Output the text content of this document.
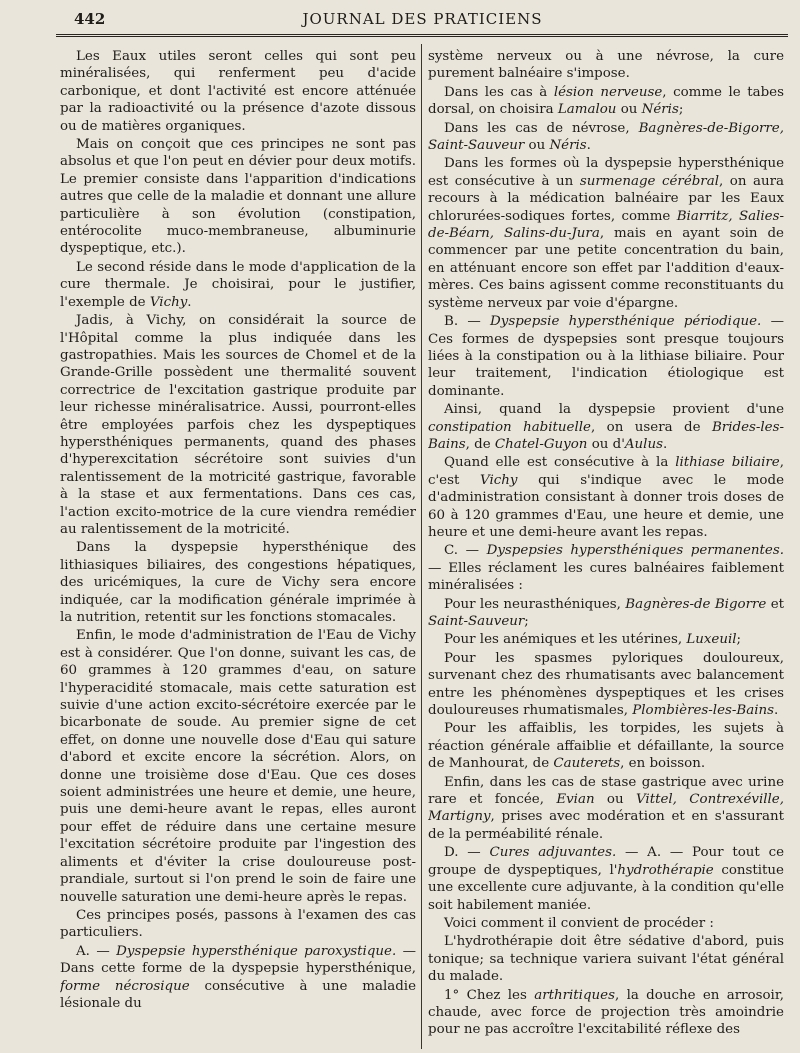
442	JOURNAL DES PRATICIENS

Les Eaux utiles seront celles qui sont peu minéralisées, qui renferment peu d'acide carbonique, et dont l'activité est encore atténuée par la radioactivité ou la présence d'azote dissous ou de matières organiques.

Mais on conçoit que ces principes ne sont pas absolus et que l'on peut en dévier pour deux motifs. Le premier consiste dans l'apparition d'indications autres que celle de la maladie et donnant une allure particulière à son évolution (constipation, entérocolite muco-membraneuse, albuminurie dyspeptique, etc.).

Le second réside dans le mode d'application de la cure thermale. Je choisirai, pour le justifier, l'exemple de Vichy.

Jadis, à Vichy, on considérait la source de l'Hôpital comme la plus indiquée dans les gastropathies. Mais les sources de Chomel et de la Grande-Grille possèdent une thermalité souvent correctrice de l'excitation gastrique produite par leur richesse minéralisatrice. Aussi, pourront-elles être employées parfois chez les dyspeptiques hypersthéniques permanents, quand des phases d'hyperexcitation sécrétoire sont suivies d'un ralentissement de la motricité gastrique, favorable à la stase et aux fermentations. Dans ces cas, l'action excito-motrice de la cure viendra remédier au ralentissement de la motricité.

Dans la dyspepsie hypersthénique des lithiasiques biliaires, des congestions hépatiques, des uricémiques, la cure de Vichy sera encore indiquée, car la modification générale imprimée à la nutrition, retentit sur les fonctions stomacales.

Enfin, le mode d'administration de l'Eau de Vichy est à considérer. Que l'on donne, suivant les cas, de 60 grammes à 120 grammes d'eau, on sature l'hyperacidité stomacale, mais cette saturation est suivie d'une action excito-sécrétoire exercée par le bicarbonate de soude. Au premier signe de cet effet, on donne une nouvelle dose d'Eau qui sature d'abord et excite encore la sécrétion. Alors, on donne une troisième dose d'Eau. Que ces doses soient administrées une heure et demie, une heure, puis une demi-heure avant le repas, elles auront pour effet de réduire dans une certaine mesure l'excitation sécrétoire produite par l'ingestion des aliments et d'éviter la crise douloureuse post-prandiale, surtout si l'on prend le soin de faire une nouvelle saturation une demi-heure après le repas.

Ces principes posés, passons à l'examen des cas particuliers.

A. — Dyspepsie hypersthénique paroxystique. — Dans cette forme de la dyspepsie hypersthénique, forme nécrosique consécutive à une maladie lésionale du

système nerveux ou à une névrose, la cure purement balnéaire s'impose.

Dans les cas à lésion nerveuse, comme le tabes dorsal, on choisira Lamalou ou Néris;

Dans les cas de névrose, Bagnères-de-Bigorre, Saint-Sauveur ou Néris.

Dans les formes où la dyspepsie hypersthénique est consécutive à un surmenage cérébral, on aura recours à la médication balnéaire par les Eaux chlorurées-sodiques fortes, comme Biarritz, Salies-de-Béarn, Salins-du-Jura, mais en ayant soin de commencer par une petite concentration du bain, en atténuant encore son effet par l'addition d'eaux-mères. Ces bains agissent comme reconstituants du système nerveux par voie d'épargne.

B. — Dyspepsie hypersthénique périodique. — Ces formes de dyspepsies sont presque toujours liées à la constipation ou à la lithiase biliaire. Pour leur traitement, l'indication étiologique est dominante.

Ainsi, quand la dyspepsie provient d'une constipation habituelle, on usera de Brides-les-Bains, de Chatel-Guyon ou d'Aulus.

Quand elle est consécutive à la lithiase biliaire, c'est Vichy qui s'indique avec le mode d'administration consistant à donner trois doses de 60 à 120 grammes d'Eau, une heure et demie, une heure et une demi-heure avant les repas.

C. — Dyspepsies hypersthéniques permanentes. — Elles réclament les cures balnéaires faiblement minéralisées :

Pour les neurasthéniques, Bagnères-de Bigorre et Saint-Sauveur;

Pour les anémiques et les utérines, Luxeuil;

Pour les spasmes pyloriques douloureux, survenant chez des rhumatisants avec balancement entre les phénomènes dyspeptiques et les crises douloureuses rhumatismales, Plombières-les-Bains.

Pour les affaiblis, les torpides, les sujets à réaction générale affaiblie et défaillante, la source de Manhourat, de Cauterets, en boisson.

Enfin, dans les cas de stase gastrique avec urine rare et foncée, Evian ou Vittel, Contrexéville, Martigny, prises avec modération et en s'assurant de la perméabilité rénale.

D. — Cures adjuvantes. — A. — Pour tout ce groupe de dyspeptiques, l'hydrothérapie constitue une excellente cure adjuvante, à la condition qu'elle soit habilement maniée.

Voici comment il convient de procéder :

L'hydrothérapie doit être sédative d'abord, puis tonique; sa technique variera suivant l'état général du malade.

1° Chez les arthritiques, la douche en arrosoir, chaude, avec force de projection très amoindrie pour ne pas accroître l'excitabilité réflexe des
